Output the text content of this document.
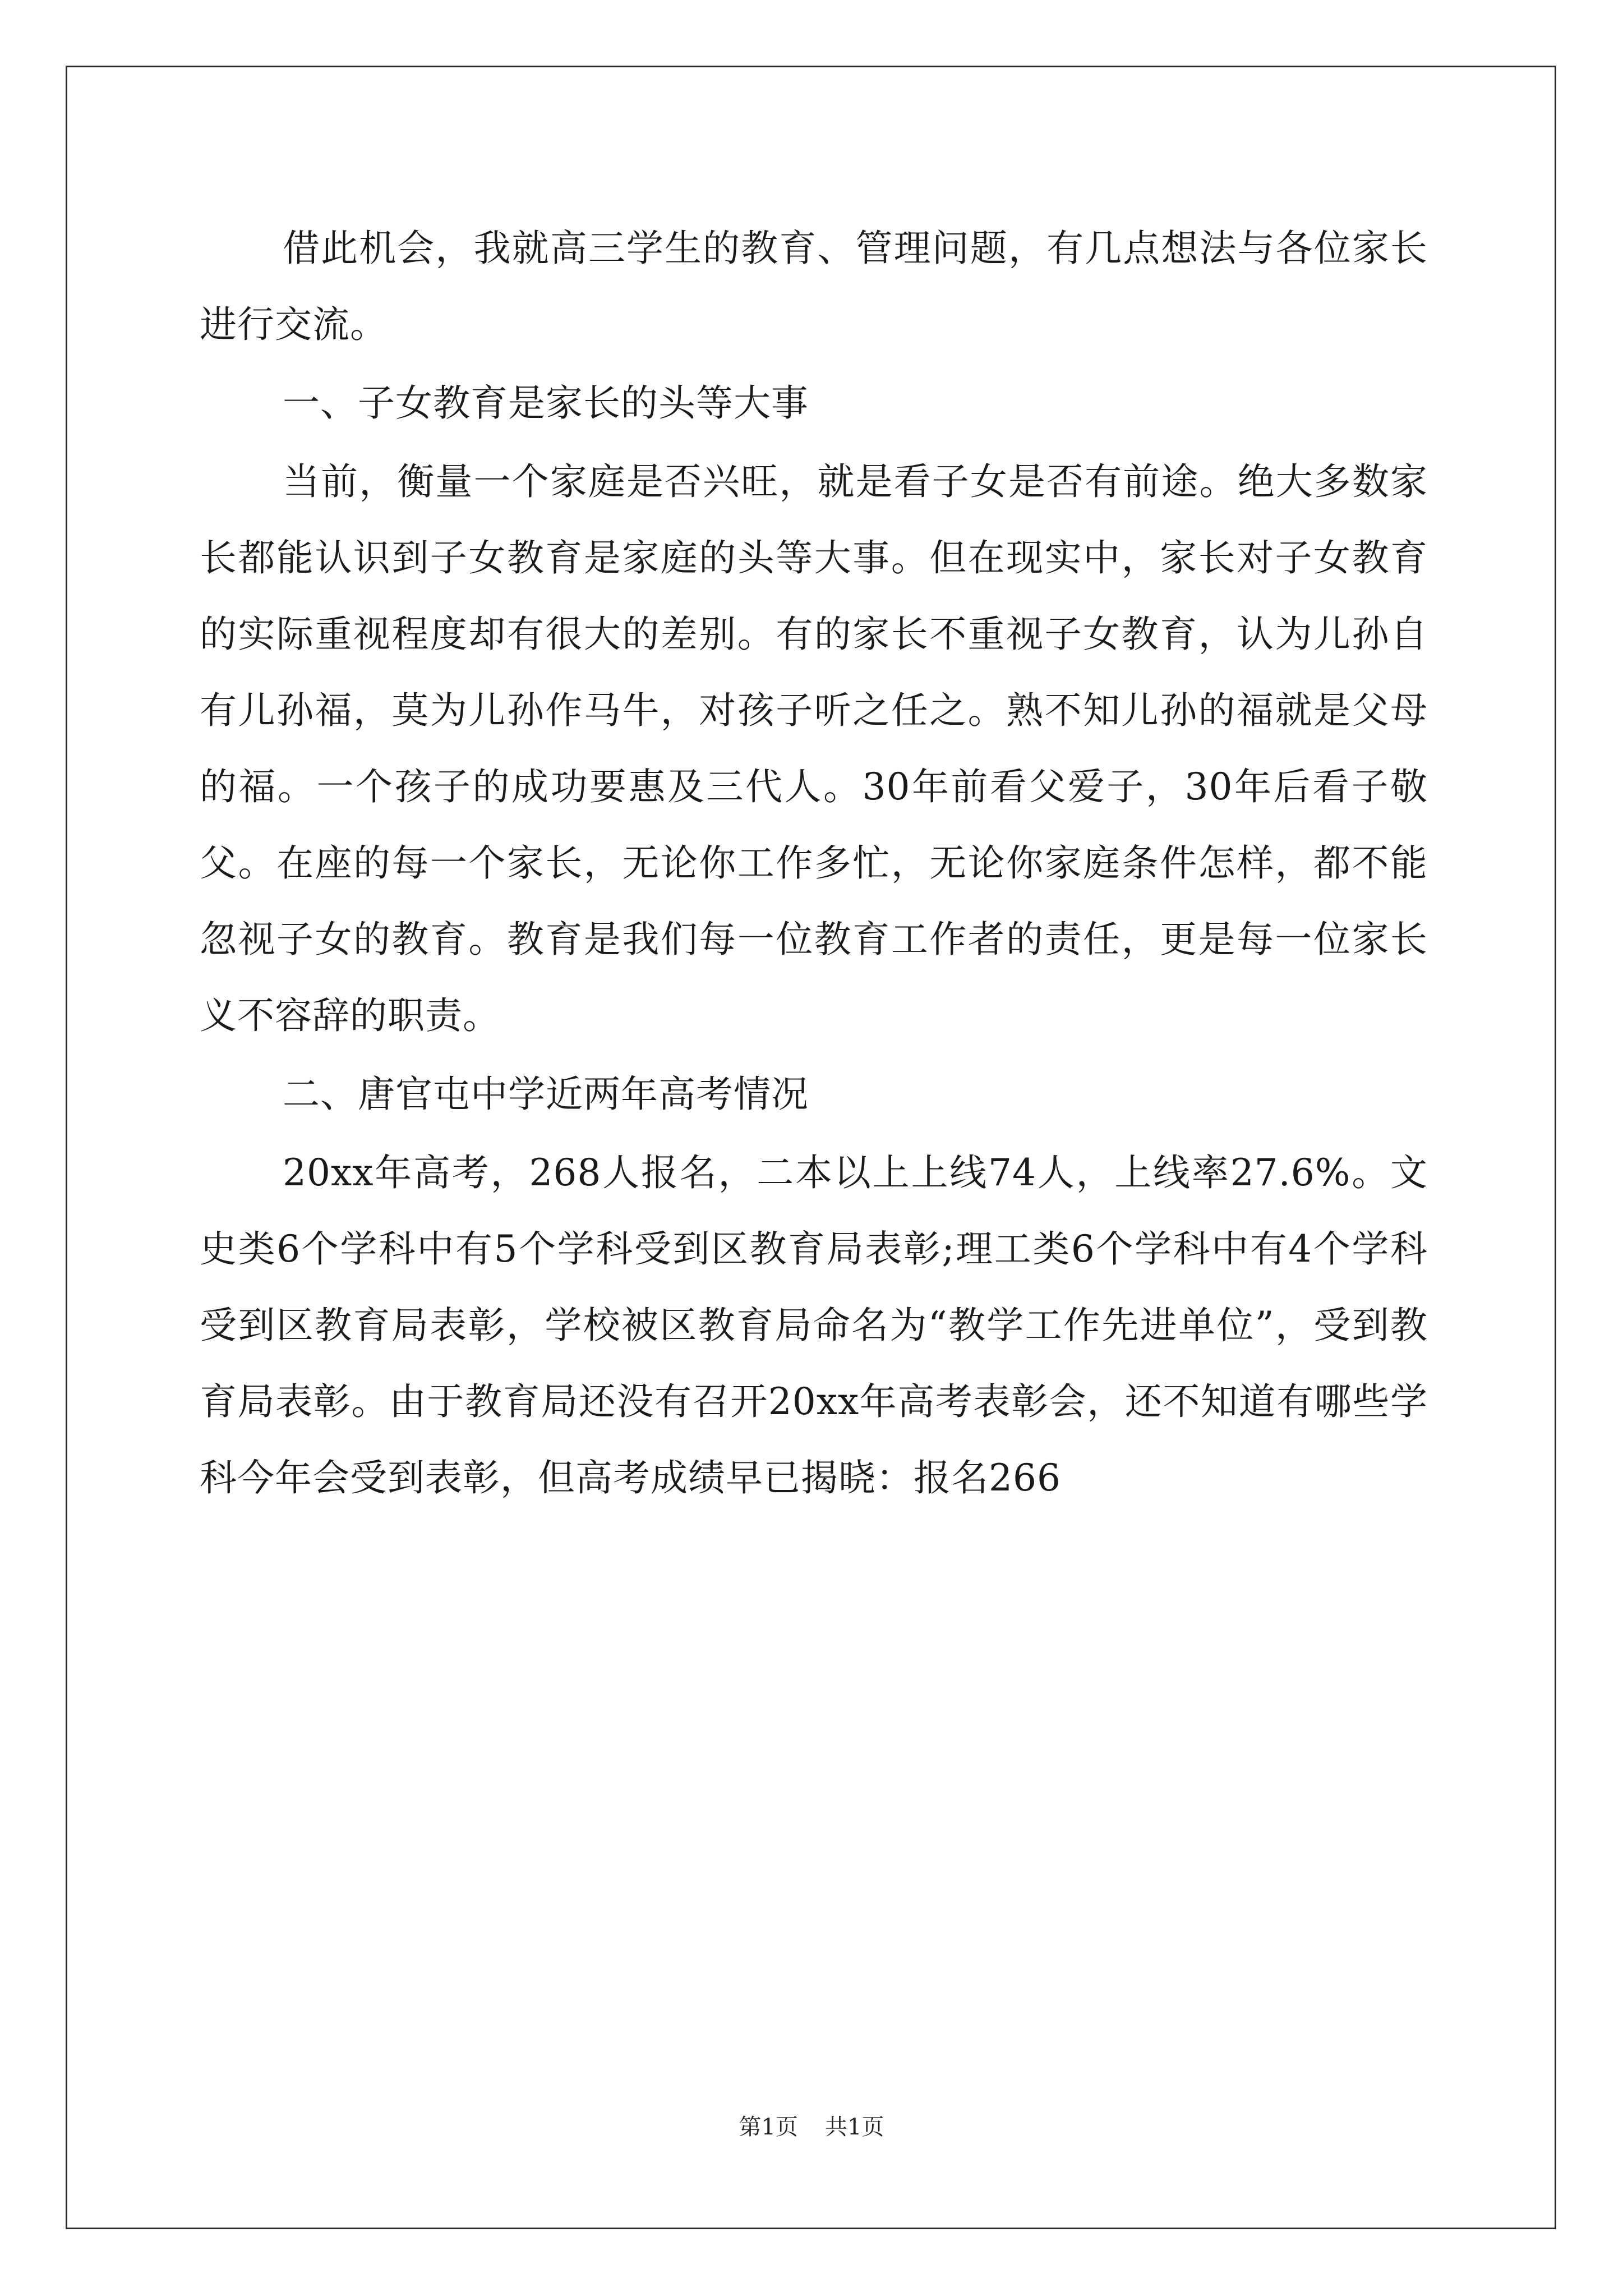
借此机会，我就高三学生的教育、管理问题，有几点想法与各位家长进行交流。

一、子女教育是家长的头等大事

当前，衡量一个家庭是否兴旺，就是看子女是否有前途。绝大多数家长都能认识到子女教育是家庭的头等大事。但在现实中，家长对子女教育的实际重视程度却有很大的差别。有的家长不重视子女教育，认为儿孙自有儿孙福，莫为儿孙作马牛，对孩子听之任之。熟不知儿孙的福就是父母的福。一个孩子的成功要惠及三代人。30年前看父爱子，30年后看子敬父。在座的每一个家长，无论你工作多忙，无论你家庭条件怎样，都不能忽视子女的教育。教育是我们每一位教育工作者的责任，更是每一位家长义不容辞的职责。

二、唐官屯中学近两年高考情况

20xx年高考，268人报名，二本以上上线74人，上线率27.6%。文史类6个学科中有5个学科受到区教育局表彰;理工类6个学科中有4个学科受到区教育局表彰，学校被区教育局命名为“教学工作先进单位”，受到教育局表彰。由于教育局还没有召开20xx年高考表彰会，还不知道有哪些学科今年会受到表彰，但高考成绩早已揭晓：报名266

第1页 共1页
